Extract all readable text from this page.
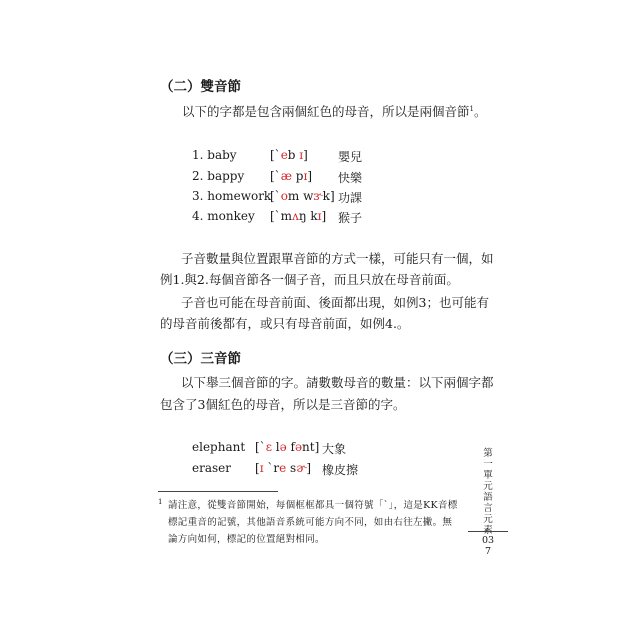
（二）雙音節
以下的字都是包含兩個紅色的母音，所以是兩個音節$^1$。
1. baby	[ˋeb ɪ]	嬰兒
2. bappy [ˋæ pɪ] 快樂
3. homework
[ˋom wɝk] 功課
4. monkey [ˋmʌŋ kɪ] 猴子
子音數量與位置跟單音節的方式一樣，可能只有一個，如
例1.與2.每個音節各一個子音，而且只放在母音前面。
子音也可能在母音前面、後面都出現，如例3；也可能有
的母音前後都有，或只有母音前面，如例4.。
（三）三音節
以下舉三個音節的字。請數數母音的數量：以下兩個字都
包含了3個紅色的母音，所以是三音節的字。
elephant [ˋɛ lə fənt] 大象
eraser [ɪ ˋre sɚ] 橡皮擦
1 請注意，從雙音節開始，每個框框都具一個符號「ˋ」，這是KK音標標記重音的記號，其他語音系統可能方向不同，如由右往左撇。無論方向如何，標記的位置絕對相同。
第一單元
語言元
037
